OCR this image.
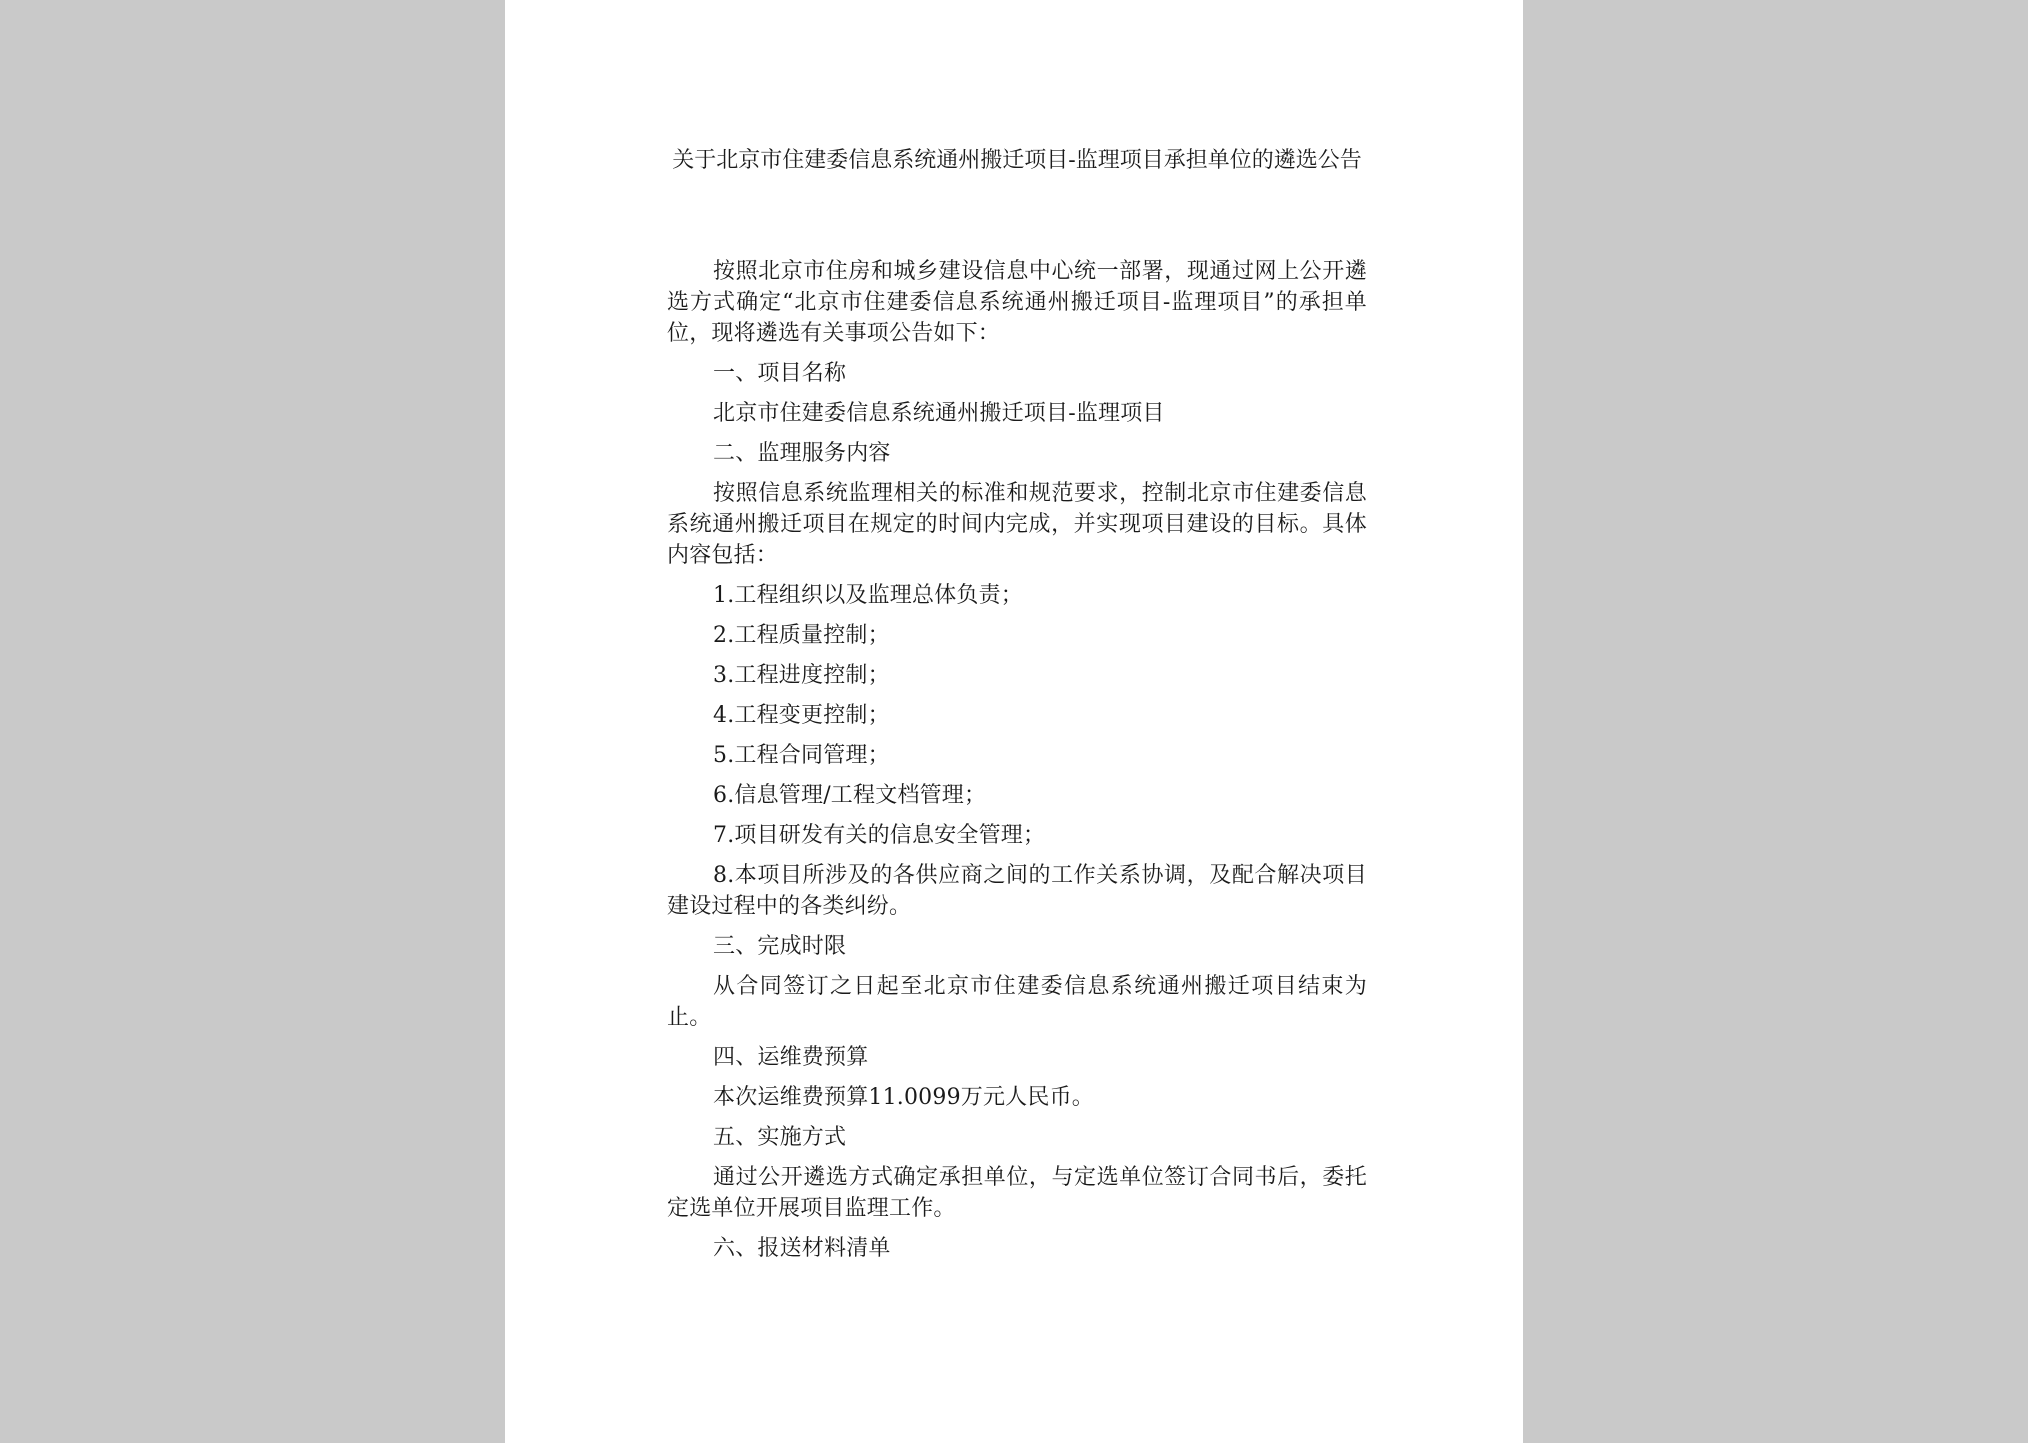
关于北京市住建委信息系统通州搬迁项目-监理项目承担单位的遴选公告

按照北京市住房和城乡建设信息中心统一部署，现通过网上公开遴选方式确定“北京市住建委信息系统通州搬迁项目-监理项目”的承担单位，现将遴选有关事项公告如下：

一、项目名称

北京市住建委信息系统通州搬迁项目-监理项目

二、监理服务内容

按照信息系统监理相关的标准和规范要求，控制北京市住建委信息系统通州搬迁项目在规定的时间内完成，并实现项目建设的目标。具体内容包括：

1.工程组织以及监理总体负责；

2.工程质量控制；

3.工程进度控制；

4.工程变更控制；

5.工程合同管理；

6.信息管理/工程文档管理；

7.项目研发有关的信息安全管理；

8.本项目所涉及的各供应商之间的工作关系协调，及配合解决项目建设过程中的各类纠纷。

三、完成时限

从合同签订之日起至北京市住建委信息系统通州搬迁项目结束为止。

四、运维费预算

本次运维费预算11.0099万元人民币。

五、实施方式

通过公开遴选方式确定承担单位，与定选单位签订合同书后，委托定选单位开展项目监理工作。

六、报送材料清单
